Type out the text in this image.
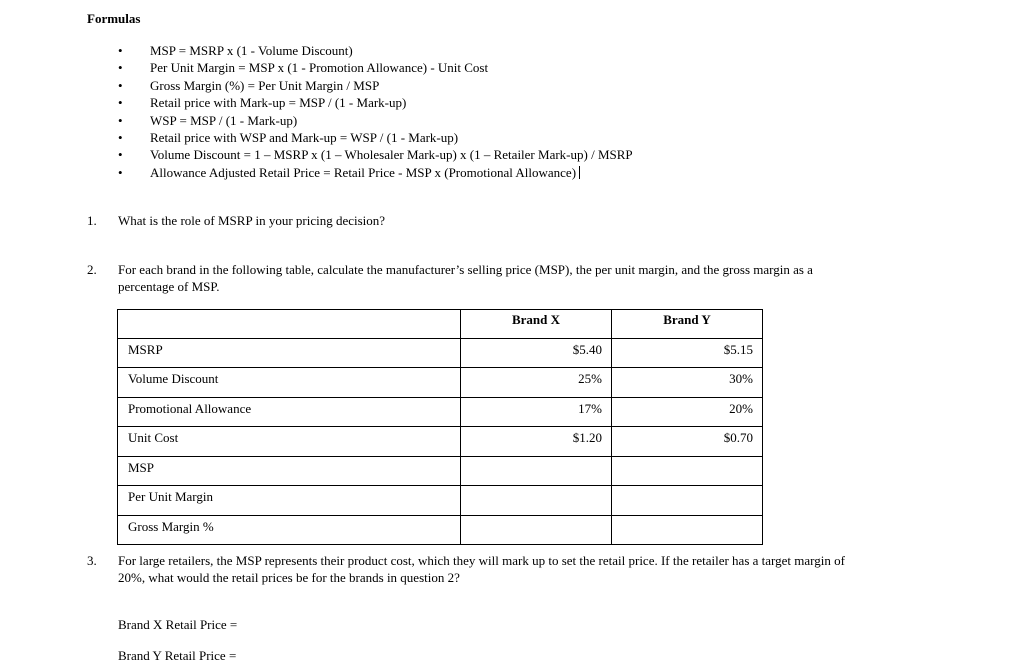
Formulas
• MSP = MSRP x (1 - Volume Discount)
• Per Unit Margin = MSP x (1 - Promotion Allowance) - Unit Cost
• Gross Margin (%) = Per Unit Margin / MSP
• Retail price with Mark-up = MSP / (1 - Mark-up)
• WSP = MSP / (1 - Mark-up)
• Retail price with WSP and Mark-up = WSP / (1 - Mark-up)
• Volume Discount = 1 – MSRP x (1 – Wholesaler Mark-up) x (1 – Retailer Mark-up) / MSRP
• Allowance Adjusted Retail Price = Retail Price - MSP x (Promotional Allowance)
1. What is the role of MSRP in your pricing decision?
2. For each brand in the following table, calculate the manufacturer’s selling price (MSP), the per unit margin, and the gross margin as a
percentage of MSP.
	Brand X	Brand Y
MSRP	$5.40	$5.15
Volume Discount	25%	30%
Promotional Allowance	17%	20%
Unit Cost	$1.20	$0.70
MSP		
Per Unit Margin		
Gross Margin %		
3. For large retailers, the MSP represents their product cost, which they will mark up to set the retail price. If the retailer has a target margin of
20%, what would the retail prices be for the brands in question 2?
Brand X Retail Price =
Brand Y Retail Price =
